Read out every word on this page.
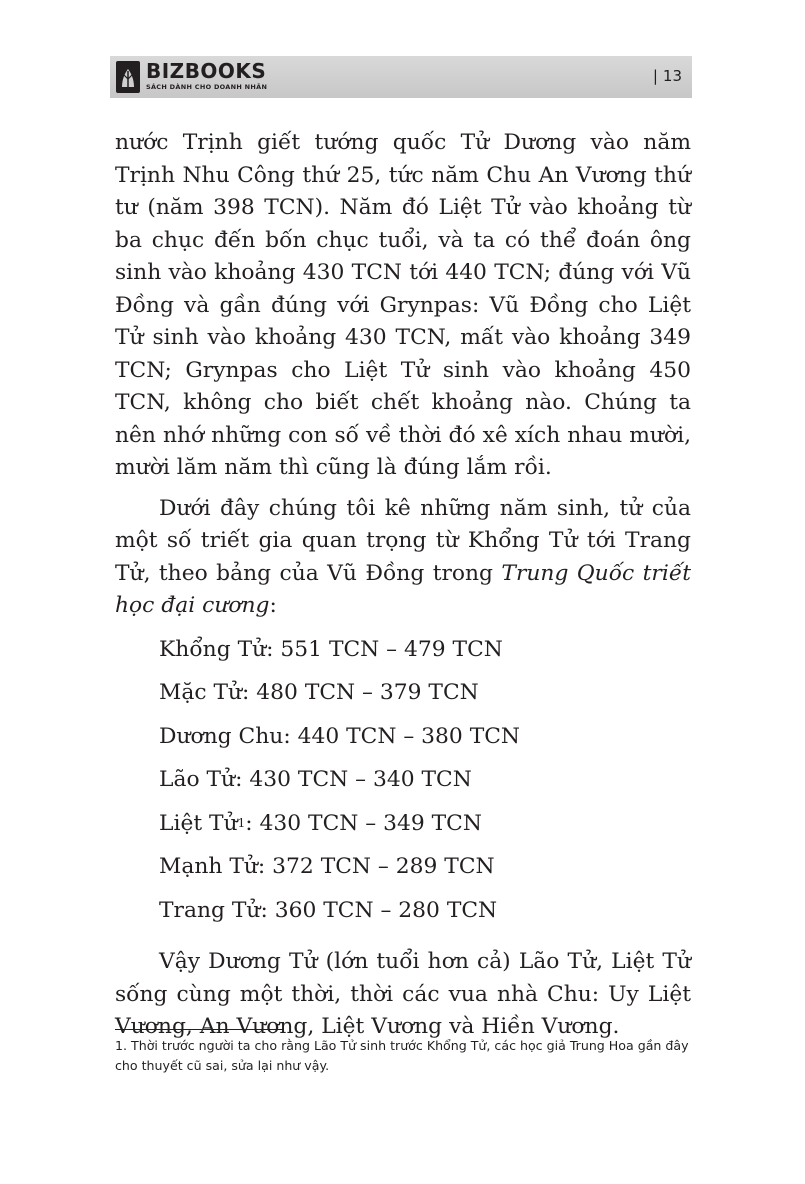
BIZBOOKS
SÁCH DÀNH CHO DOANH NHÂN
| 13

nước Trịnh giết tướng quốc Tử Dương vào năm Trịnh Nhu Công thứ 25, tức năm Chu An Vương thứ tư (năm 398 TCN). Năm đó Liệt Tử vào khoảng từ ba chục đến bốn chục tuổi, và ta có thể đoán ông sinh vào khoảng 430 TCN tới 440 TCN; đúng với Vũ Đồng và gần đúng với Grynpas: Vũ Đồng cho Liệt Tử sinh vào khoảng 430 TCN, mất vào khoảng 349 TCN; Grynpas cho Liệt Tử sinh vào khoảng 450 TCN, không cho biết chết khoảng nào. Chúng ta nên nhớ những con số về thời đó xê xích nhau mười, mười lăm năm thì cũng là đúng lắm rồi.

Dưới đây chúng tôi kê những năm sinh, tử của một số triết gia quan trọng từ Khổng Tử tới Trang Tử, theo bảng của Vũ Đồng trong Trung Quốc triết học đại cương:

Khổng Tử: 551 TCN – 479 TCN
Mặc Tử: 480 TCN – 379 TCN
Dương Chu: 440 TCN – 380 TCN
Lão Tử: 430 TCN – 340 TCN
Liệt Tử$^1$: 430 TCN – 349 TCN
Mạnh Tử: 372 TCN – 289 TCN
Trang Tử: 360 TCN – 280 TCN

Vậy Dương Tử (lớn tuổi hơn cả) Lão Tử, Liệt Tử sống cùng một thời, thời các vua nhà Chu: Uy Liệt Vương, An Vương, Liệt Vương và Hiền Vương.

1. Thời trước người ta cho rằng Lão Tử sinh trước Khổng Tử, các học giả Trung Hoa gần đây cho thuyết cũ sai, sửa lại như vậy.
